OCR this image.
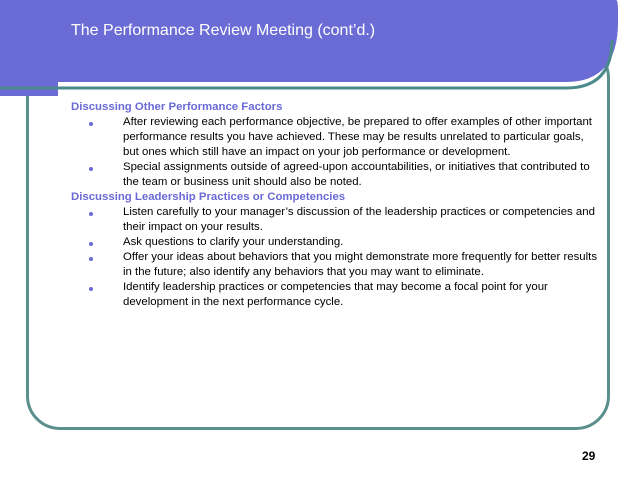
The Performance Review Meeting (cont’d.)
Discussing Other Performance Factors
After reviewing each performance objective, be prepared to offer examples of other important performance results you have achieved. These may be results unrelated to particular goals, but ones which still have an impact on your job performance or development.
Special assignments outside of agreed-upon accountabilities, or initiatives that contributed to the team or business unit should also be noted.
Discussing Leadership Practices or Competencies
Listen carefully to your manager’s discussion of the leadership practices or competencies and their impact on your results.
Ask questions to clarify your understanding.
Offer your ideas about behaviors that you might demonstrate more frequently for better results in the future; also identify any behaviors that you may want to eliminate.
Identify leadership practices or competencies that may become a focal point for your development in the next performance cycle.
29
